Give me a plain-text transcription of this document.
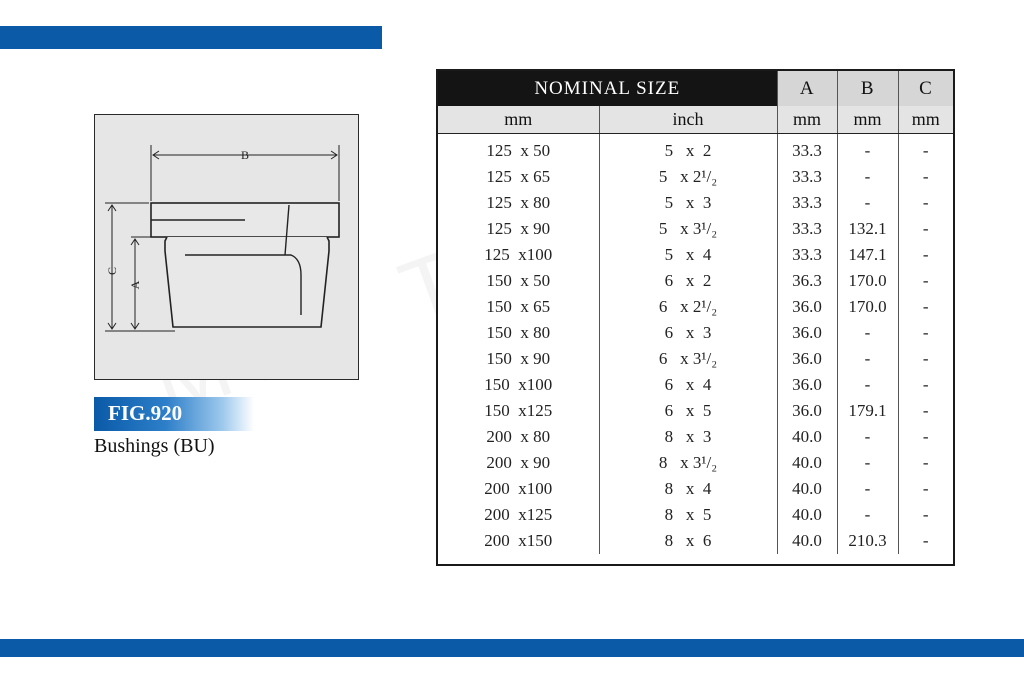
B
C
A
FIG.920
Bushings (BU)
NOMINAL SIZE		A	B	C
mm	inch	mm	mm	mm
125  x 50	5   x  2	33.3	-	-
125  x 65	5   x 2¹/₂	33.3	-	-
125  x 80	5   x  3	33.3	-	-
125  x 90	5   x 3¹/₂	33.3	132.1	-
125  x100	5   x  4	33.3	147.1	-
150  x 50	6   x  2	36.3	170.0	-
150  x 65	6   x 2¹/₂	36.0	170.0	-
150  x 80	6   x  3	36.0	-	-
150  x 90	6   x 3¹/₂	36.0	-	-
150  x100	6   x  4	36.0	-	-
150  x125	6   x  5	36.0	179.1	-
200  x 80	8   x  3	40.0	-	-
200  x 90	8   x 3¹/₂	40.0	-	-
200  x100	8   x  4	40.0	-	-
200  x125	8   x  5	40.0	-	-
200  x150	8   x  6	40.0	210.3	-
